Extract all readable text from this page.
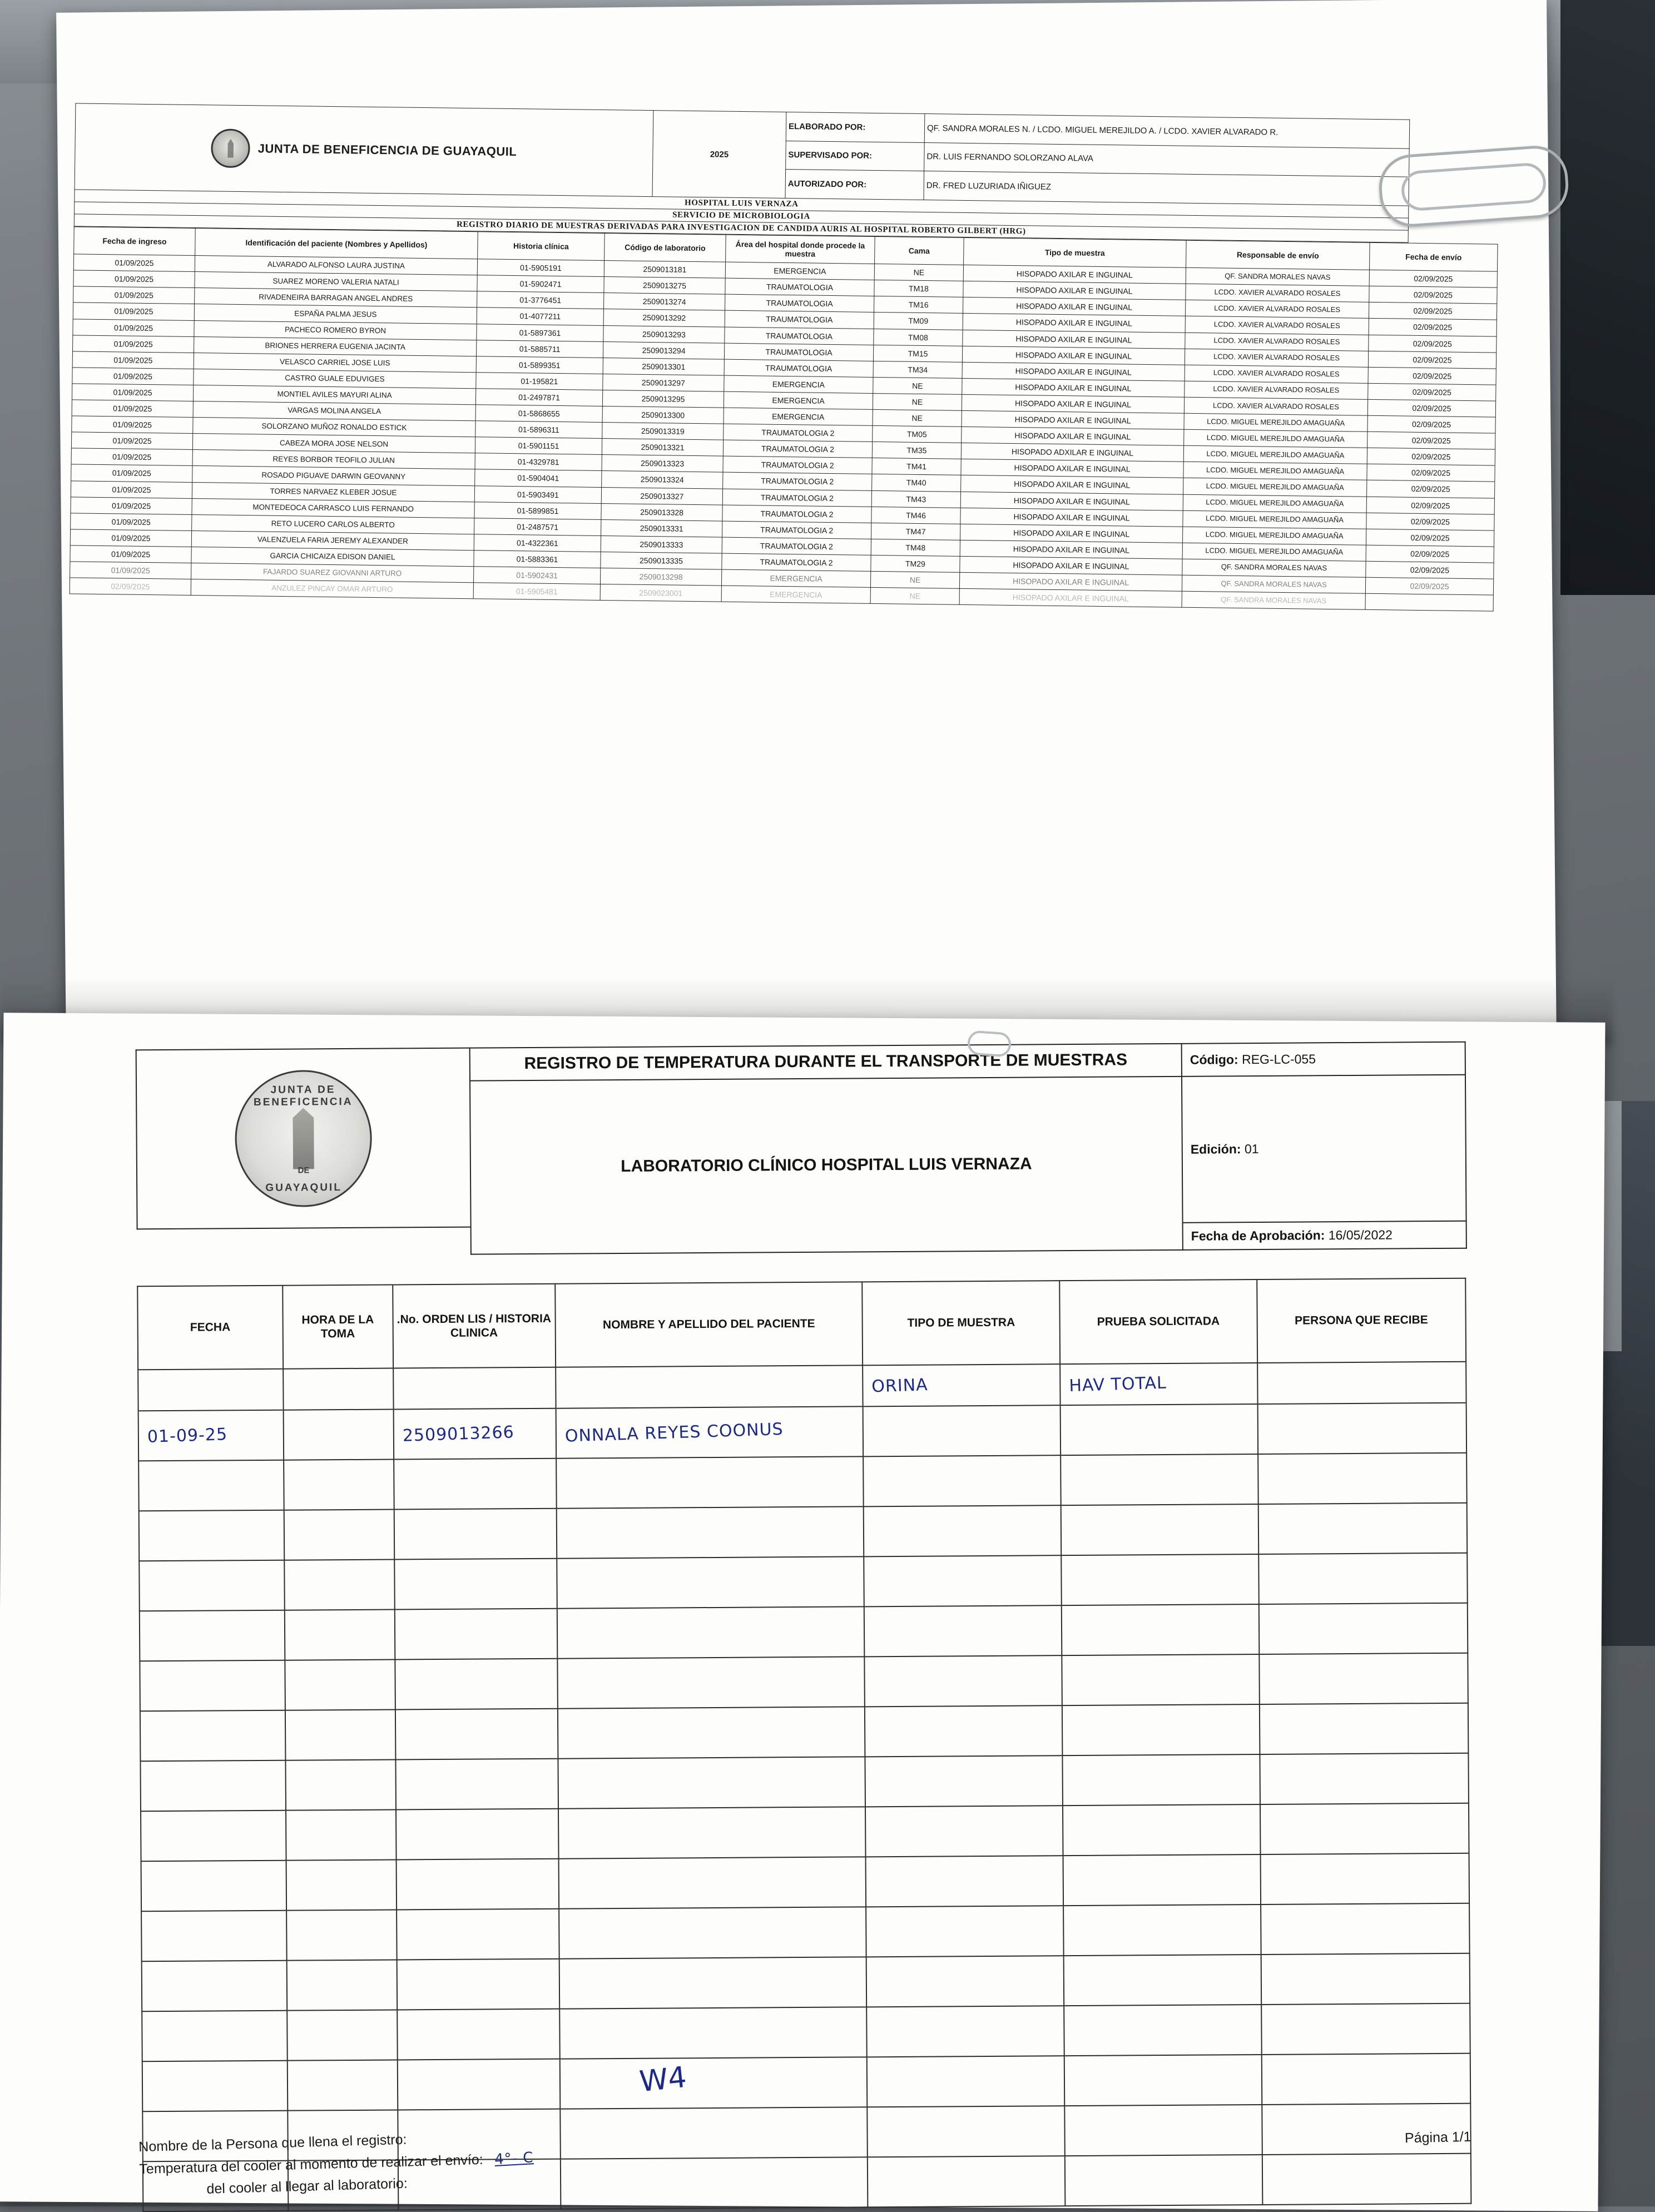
JUNTA DE BENEFICENCIA DE GUAYAQUIL	2025	ELABORADO POR:	QF. SANDRA MORALES N. / LCDO. MIGUEL MEREJILDO A. / LCDO. XAVIER ALVARADO R.
		SUPERVISADO POR:	DR. LUIS FERNANDO SOLORZANO ALAVA
		AUTORIZADO POR:	DR. FRED LUZURIADA IÑIGUEZ
HOSPITAL LUIS VERNAZA			
SERVICIO DE MICROBIOLOGIA			
REGISTRO DIARIO DE MUESTRAS DERIVADAS PARA INVESTIGACION DE CANDIDA AURIS AL HOSPITAL ROBERTO GILBERT (HRG)			
Fecha de ingreso	Identificación del paciente (Nombres y Apellidos)	Historia clínica	Código de laboratorio	Área del hospital donde procede la muestra	Cama	Tipo de muestra	Responsable de envío	Fecha de envío
01/09/2025	ALVARADO ALFONSO LAURA JUSTINA	01-5905191	2509013181	EMERGENCIA	NE	HISOPADO AXILAR E INGUINAL	QF. SANDRA MORALES NAVAS	02/09/2025
01/09/2025	SUAREZ MORENO VALERIA NATALI	01-5902471	2509013275	TRAUMATOLOGIA	TM18	HISOPADO AXILAR E INGUINAL	LCDO. XAVIER ALVARADO ROSALES	02/09/2025
01/09/2025	RIVADENEIRA BARRAGAN ANGEL ANDRES	01-3776451	2509013274	TRAUMATOLOGIA	TM16	HISOPADO AXILAR E INGUINAL	LCDO. XAVIER ALVARADO ROSALES	02/09/2025
01/09/2025	ESPAÑA PALMA JESUS	01-4077211	2509013292	TRAUMATOLOGIA	TM09	HISOPADO AXILAR E INGUINAL	LCDO. XAVIER ALVARADO ROSALES	02/09/2025
01/09/2025	PACHECO ROMERO BYRON	01-5897361	2509013293	TRAUMATOLOGIA	TM08	HISOPADO AXILAR E INGUINAL	LCDO. XAVIER ALVARADO ROSALES	02/09/2025
01/09/2025	BRIONES HERRERA EUGENIA JACINTA	01-5885711	2509013294	TRAUMATOLOGIA	TM15	HISOPADO AXILAR E INGUINAL	LCDO. XAVIER ALVARADO ROSALES	02/09/2025
01/09/2025	VELASCO CARRIEL JOSE LUIS	01-5899351	2509013301	TRAUMATOLOGIA	TM34	HISOPADO AXILAR E INGUINAL	LCDO. XAVIER ALVARADO ROSALES	02/09/2025
01/09/2025	CASTRO GUALE EDUVIGES	01-195821	2509013297	EMERGENCIA	NE	HISOPADO AXILAR E INGUINAL	LCDO. XAVIER ALVARADO ROSALES	02/09/2025
01/09/2025	MONTIEL AVILES MAYURI ALINA	01-2497871	2509013295	EMERGENCIA	NE	HISOPADO AXILAR E INGUINAL	LCDO. XAVIER ALVARADO ROSALES	02/09/2025
01/09/2025	VARGAS MOLINA ANGELA	01-5868655	2509013300	EMERGENCIA	NE	HISOPADO AXILAR E INGUINAL	LCDO. MIGUEL MEREJILDO AMAGUAÑA	02/09/2025
01/09/2025	SOLORZANO MUÑOZ RONALDO ESTICK	01-5896311	2509013319	TRAUMATOLOGIA 2	TM05	HISOPADO AXILAR E INGUINAL	LCDO. MIGUEL MEREJILDO AMAGUAÑA	02/09/2025
01/09/2025	CABEZA MORA JOSE NELSON	01-5901151	2509013321	TRAUMATOLOGIA 2	TM35	HISOPADO ADXILAR E INGUINAL	LCDO. MIGUEL MEREJILDO AMAGUAÑA	02/09/2025
01/09/2025	REYES BORBOR TEOFILO JULIAN	01-4329781	2509013323	TRAUMATOLOGIA 2	TM41	HISOPADO AXILAR E INGUINAL	LCDO. MIGUEL MEREJILDO AMAGUAÑA	02/09/2025
01/09/2025	ROSADO PIGUAVE DARWIN GEOVANNY	01-5904041	2509013324	TRAUMATOLOGIA 2	TM40	HISOPADO AXILAR E INGUINAL	LCDO. MIGUEL MEREJILDO AMAGUAÑA	02/09/2025
01/09/2025	TORRES NARVAEZ KLEBER JOSUE	01-5903491	2509013327	TRAUMATOLOGIA 2	TM43	HISOPADO AXILAR E INGUINAL	LCDO. MIGUEL MEREJILDO AMAGUAÑA	02/09/2025
01/09/2025	MONTEDEOCA CARRASCO LUIS FERNANDO	01-5899851	2509013328	TRAUMATOLOGIA 2	TM46	HISOPADO AXILAR E INGUINAL	LCDO. MIGUEL MEREJILDO AMAGUAÑA	02/09/2025
01/09/2025	RETO LUCERO CARLOS ALBERTO	01-2487571	2509013331	TRAUMATOLOGIA 2	TM47	HISOPADO AXILAR E INGUINAL	LCDO. MIGUEL MEREJILDO AMAGUAÑA	02/09/2025
01/09/2025	VALENZUELA FARIA JEREMY ALEXANDER	01-4322361	2509013333	TRAUMATOLOGIA 2	TM48	HISOPADO AXILAR E INGUINAL	LCDO. MIGUEL MEREJILDO AMAGUAÑA	02/09/2025
01/09/2025	GARCIA CHICAIZA EDISON DANIEL	01-5883361	2509013335	TRAUMATOLOGIA 2	TM29	HISOPADO AXILAR E INGUINAL	QF. SANDRA MORALES NAVAS	02/09/2025
01/09/2025	FAJARDO SUAREZ GIOVANNI ARTURO	01-5902431	2509013298	EMERGENCIA	NE	HISOPADO AXILAR E INGUINAL	QF. SANDRA MORALES NAVAS	02/09/2025
02/09/2025	ANZULEZ PINCAY OMAR ARTURO	01-5905481	2509023001	EMERGENCIA	NE	HISOPADO AXILAR E INGUINAL	QF. SANDRA MORALES NAVAS	
JUNTA DE BENEFICENCIA
DE
GUAYAQUIL	REGISTRO DE TEMPERATURA DURANTE EL TRANSPORTE DE MUESTRAS	Código: REG-LC-055
	LABORATORIO CLÍNICO HOSPITAL LUIS VERNAZA	Edición: 01
		Fecha de Aprobación: 16/05/2022
FECHA	HORA DE LA TOMA	.No. ORDEN LIS / HISTORIA CLINICA	NOMBRE Y APELLIDO DEL PACIENTE	TIPO DE MUESTRA	PRUEBA SOLICITADA	PERSONA QUE RECIBE
				ORINA	HAV TOTAL	
01-09-25		2509013266	ONNALA REYES COONUS			

W4
Nombre de la Persona que llena el registro:
Temperatura del cooler al momento de realizar el envío: 4°- C
del cooler al llegar al laboratorio:
Página 1/1
